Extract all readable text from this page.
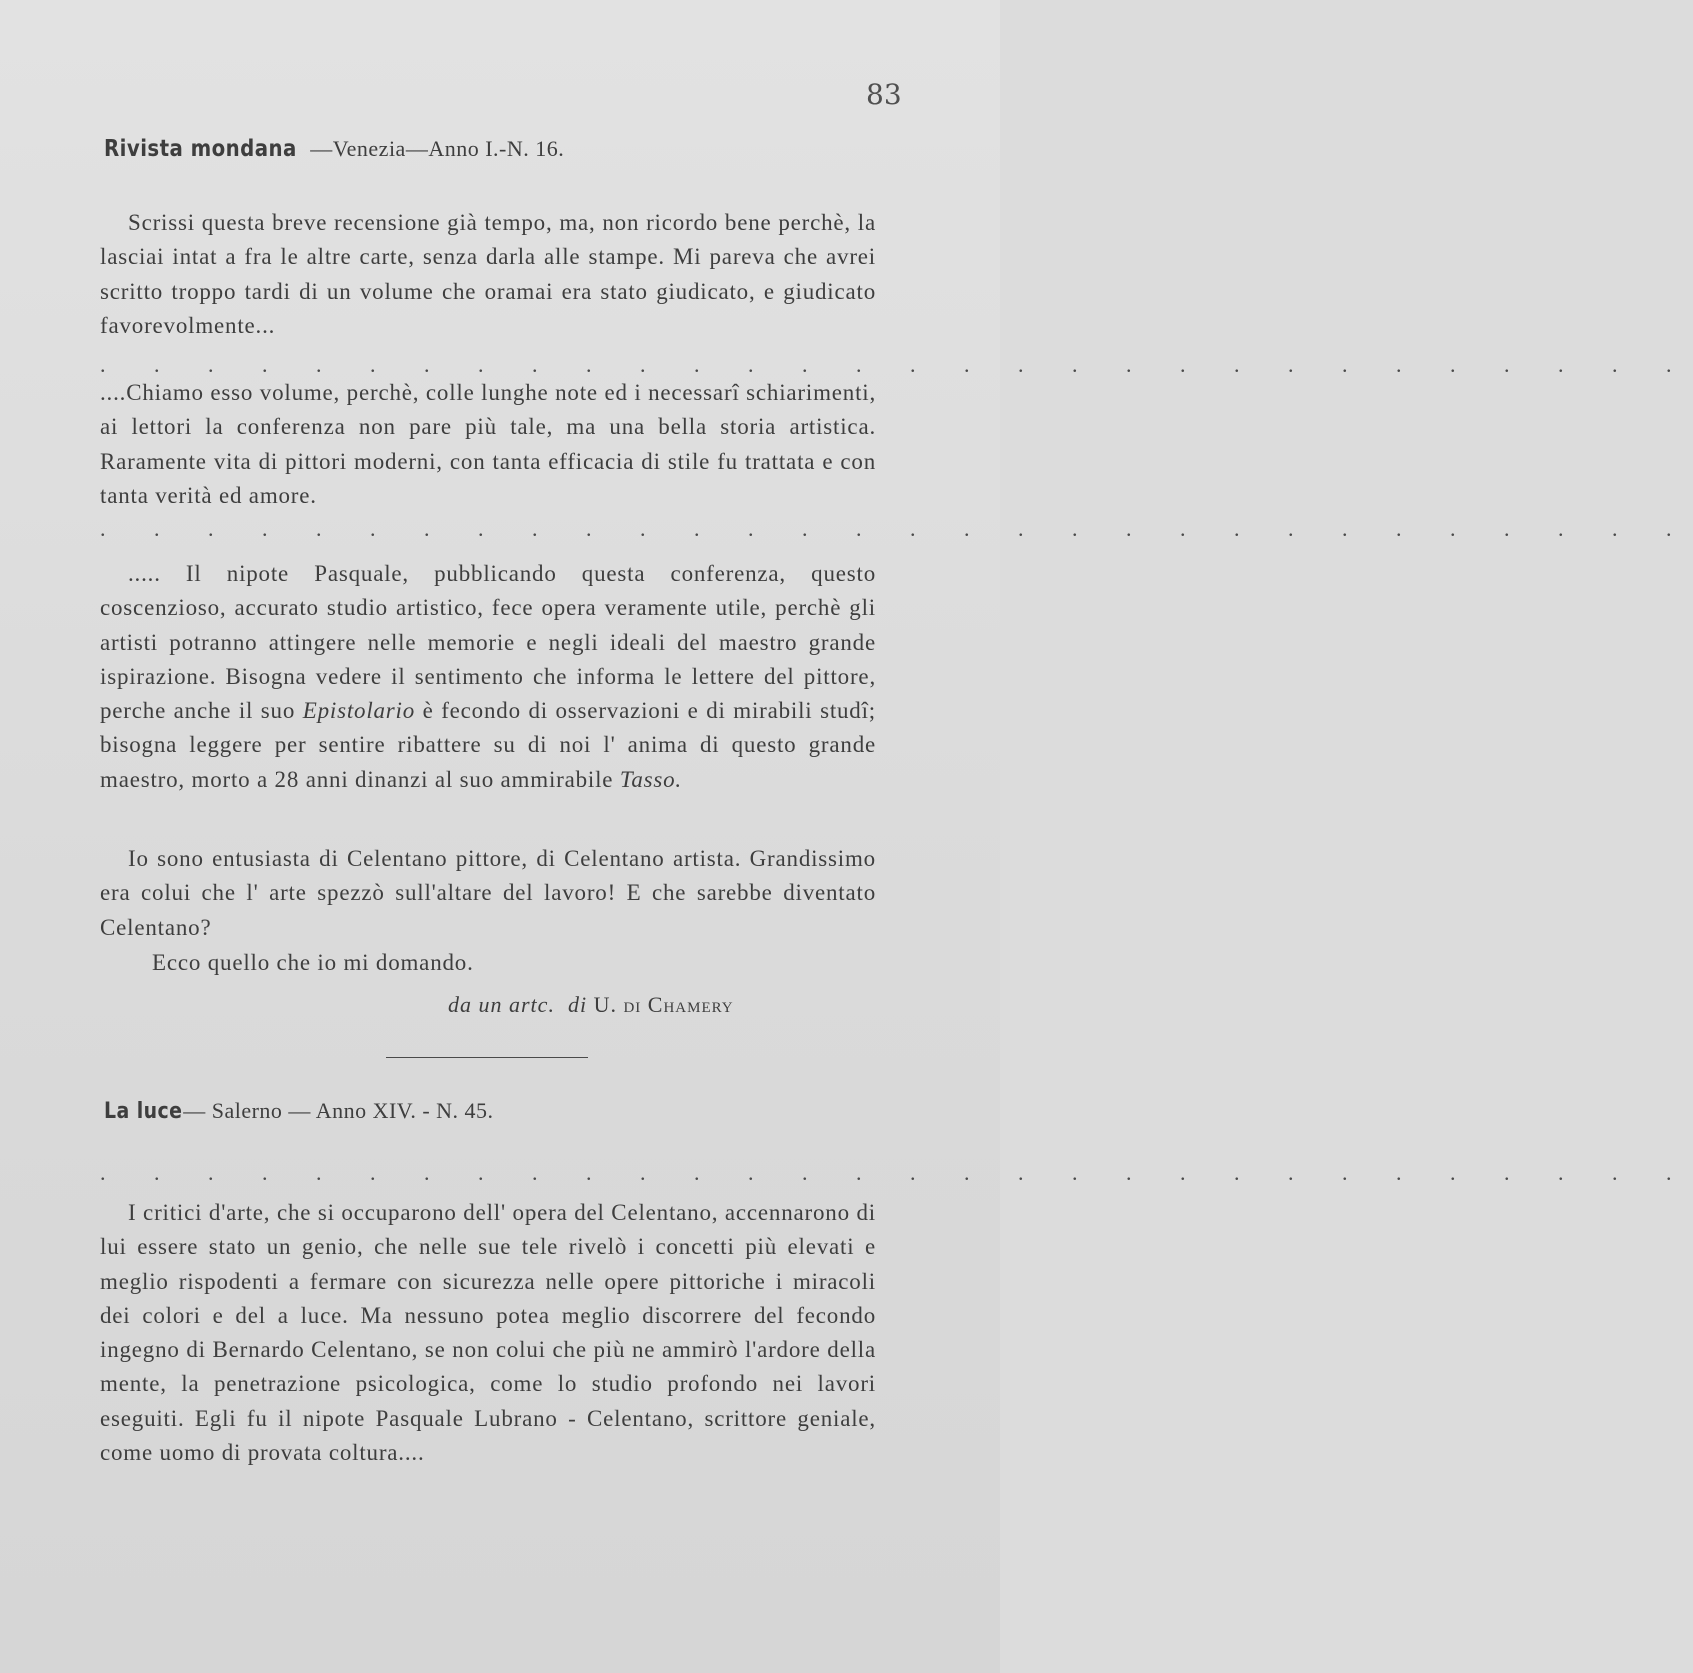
83
Rivista mondana —Venezia—Anno I.-N. 16.

Scrissi questa breve recensione già tempo, ma, non ricordo bene perchè, la lasciai intat a fra le altre carte, senza darla alle stampe. Mi pareva che avrei scritto troppo tardi di un volume che oramai era stato giudicato, e giudicato favorevolmente...

. . . . . . . . . . . . . . . . . . . . . . . . . . . . . .

....Chiamo esso volume, perchè, colle lunghe note ed i necessarî schiarimenti, ai lettori la conferenza non pare più tale, ma una bella storia artistica. Raramente vita di pittori moderni, con tanta efficacia di stile fu trattata e con tanta verità ed amore.

. . . . . . . . . . . . . . . . . . . . . . . . . . . . . .

..... Il nipote Pasquale, pubblicando questa conferenza, questo coscenzioso, accurato studio artistico, fece opera veramente utile, perchè gli artisti potranno attingere nelle memorie e negli ideali del maestro grande ispirazione. Bisogna vedere il sentimento che informa le lettere del pittore, perche anche il suo Epistolario è fecondo di osservazioni e di mirabili studî; bisogna leggere per sentire ribattere su di noi l' anima di questo grande maestro, morto a 28 anni dinanzi al suo ammirabile Tasso.

Io sono entusiasta di Celentano pittore, di Celentano artista. Grandissimo era colui che l' arte spezzò sull'altare del lavoro! E che sarebbe diventato Celentano?

Ecco quello che io mi domando.

da un artc. di U. di Chamery
La luce — Salerno — Anno XIV. - N. 45.
. . . . . . . . . . . . . . . . . . . . . . . . . . . . . .

I critici d'arte, che si occuparono dell' opera del Celentano, accennarono di lui essere stato un genio, che nelle sue tele rivelò i concetti più elevati e meglio rispodenti a fermare con sicurezza nelle opere pittoriche i miracoli dei colori e del a luce. Ma nessuno potea meglio discorrere del fecondo ingegno di Bernardo Celentano, se non colui che più ne ammirò l'ardore della mente, la penetrazione psicologica, come lo studio profondo nei lavori eseguiti. Egli fu il nipote Pasquale Lubrano - Celentano, scrittore geniale, come uomo di provata coltura....
